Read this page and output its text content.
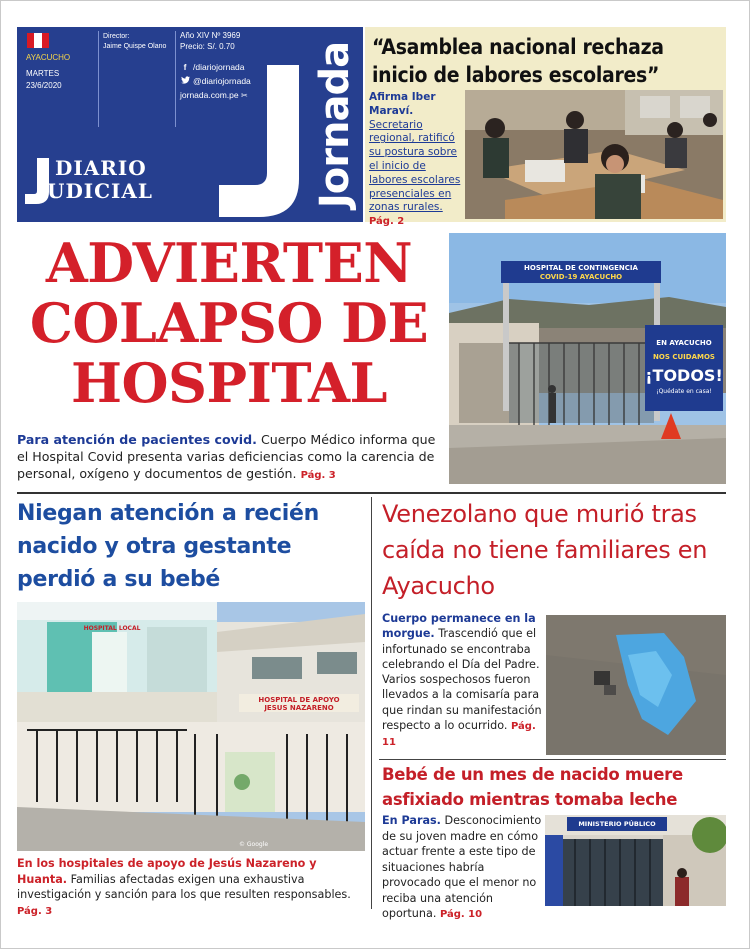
AYACUCHO
MARTES
23/6/2020
Director:
Jaime Quispe Olano
Año XIV Nº 3969
Precio: S/. 0.70
f /diariojornada
@diariojornada
jornada.com.pe ✂ Jornada
DIARIO
UDICIAL
“Asamblea nacional rechaza inicio de labores escolares”
Afirma Iber Maraví.
Secretario regional, ratificó su postura sobre el inicio de labores escolares presenciales en zonas rurales. Pág. 2
ADVIERTEN
COLAPSO DE
HOSPITAL
Para atención de pacientes covid. Cuerpo Médico informa que el Hospital Covid presenta varias deficiencias como la carencia de personal, oxígeno y documentos de gestión. Pág. 3
HOSPITAL DE CONTINGENCIA
COVID-19 AYACUCHO
EN AYACUCHO
NOS CUIDAMOS
¡TODOS!
¡Quédate en casa!
Niegan atención a recién nacido y otra gestante perdió a su bebé
HOSPITAL LOCAL
HOSPITAL DE APOYO
JESUS NAZARENO
© Google
En los hospitales de apoyo de Jesús Nazareno y Huanta. Familias afectadas exigen una exhaustiva investigación y sanción para los que resulten responsables. Pág. 3
Venezolano que murió tras caída no tiene familiares en Ayacucho
Cuerpo permanece en la morgue. Trascendió que el infortunado se encontraba celebrando el Día del Padre. Varios sospechosos fueron llevados a la comisaría para que rindan su manifestación respecto a lo ocurrido. Pág. 11
Bebé de un mes de nacido muere asfixiado mientras tomaba leche
En Paras. Desconocimiento de su joven madre en cómo actuar frente a este tipo de situaciones habría provocado que el menor no reciba una atención oportuna. Pág. 10
MINISTERIO PÚBLICO
